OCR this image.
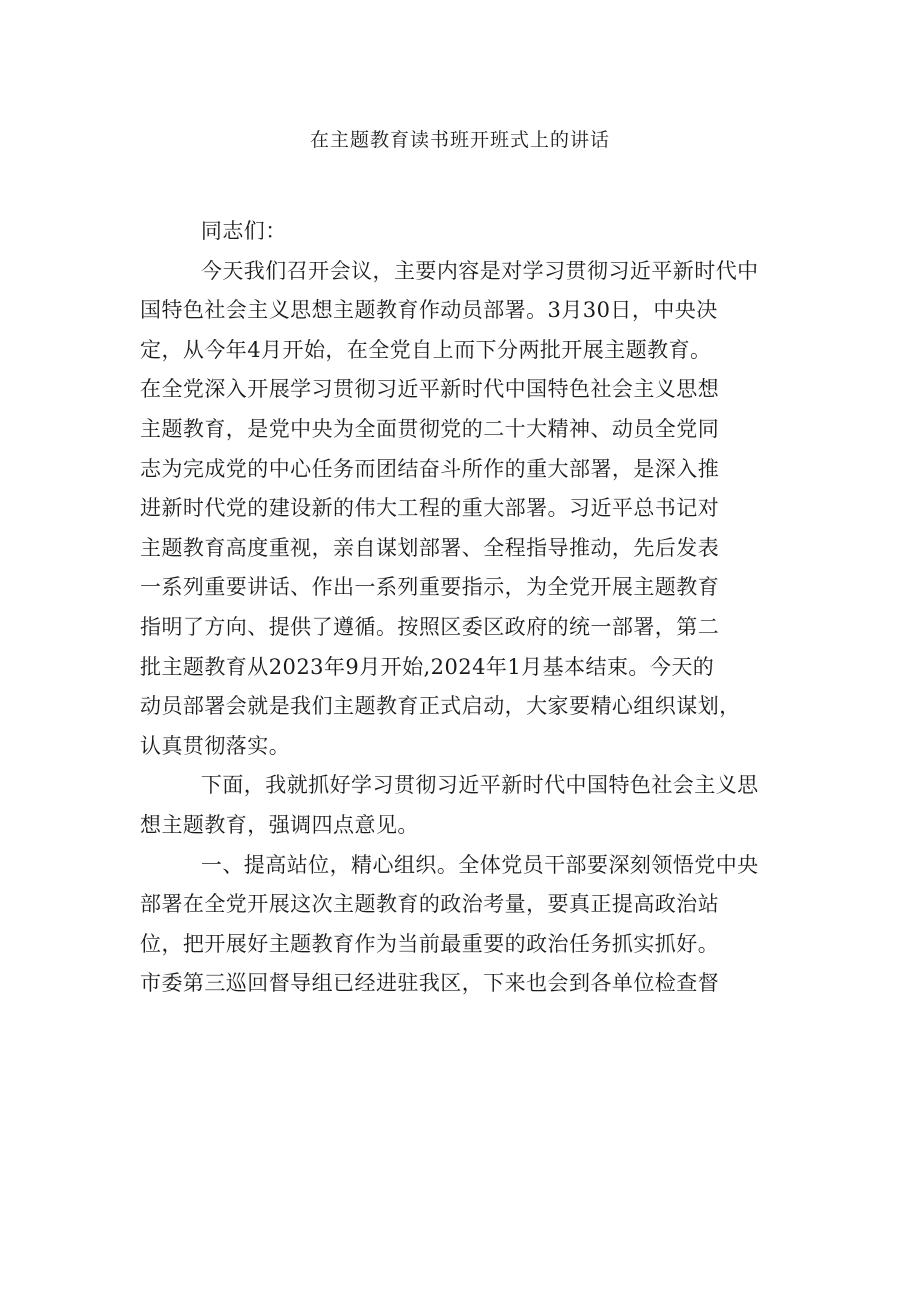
在主题教育读书班开班式上的讲话

同志们：

今天我们召开会议，主要内容是对学习贯彻习近平新时代中
国特色社会主义思想主题教育作动员部署。3月30日，中央决
定，从今年4月开始，在全党自上而下分两批开展主题教育。
在全党深入开展学习贯彻习近平新时代中国特色社会主义思想
主题教育，是党中央为全面贯彻党的二十大精神、动员全党同
志为完成党的中心任务而团结奋斗所作的重大部署，是深入推
进新时代党的建设新的伟大工程的重大部署。习近平总书记对
主题教育高度重视，亲自谋划部署、全程指导推动，先后发表
一系列重要讲话、作出一系列重要指示，为全党开展主题教育
指明了方向、提供了遵循。按照区委区政府的统一部署，第二
批主题教育从2023年9月开始,2024年1月基本结束。今天的
动员部署会就是我们主题教育正式启动，大家要精心组织谋划，
认真贯彻落实。

下面，我就抓好学习贯彻习近平新时代中国特色社会主义思
想主题教育，强调四点意见。

一、提高站位，精心组织。全体党员干部要深刻领悟党中央
部署在全党开展这次主题教育的政治考量，要真正提高政治站
位，把开展好主题教育作为当前最重要的政治任务抓实抓好。
市委第三巡回督导组已经进驻我区，下来也会到各单位检查督
